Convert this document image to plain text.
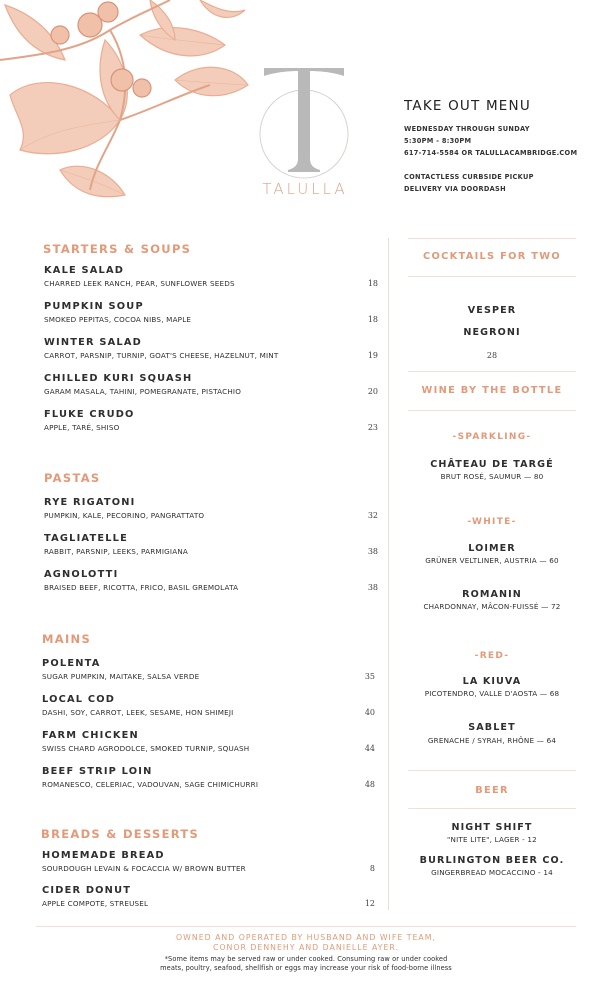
TALULLA
TAKE OUT MENU
WEDNESDAY THROUGH SUNDAY
5:30PM - 8:30PM
617-714-5584 OR TALULLACAMBRIDGE.COM
CONTACTLESS CURBSIDE PICKUP
DELIVERY VIA DOORDASH
STARTERS & SOUPS
KALE SALAD
CHARRED LEEK RANCH, PEAR, SUNFLOWER SEEDS	18
PUMPKIN SOUP
SMOKED PEPITAS, COCOA NIBS, MAPLE	18
WINTER SALAD
CARROT, PARSNIP, TURNIP, GOAT'S CHEESE, HAZELNUT, MINT	19
CHILLED KURI SQUASH
GARAM MASALA, TAHINI, POMEGRANATE, PISTACHIO	20
FLUKE CRUDO
APPLE, TARÉ, SHISO	23
PASTAS
RYE RIGATONI
PUMPKIN, KALE, PECORINO, PANGRATTATO	32
TAGLIATELLE
RABBIT, PARSNIP, LEEKS, PARMIGIANA	38
AGNOLOTTI
BRAISED BEEF, RICOTTA, FRICO, BASIL GREMOLATA	38
MAINS
POLENTA
SUGAR PUMPKIN, MAITAKE, SALSA VERDE	35
LOCAL COD
DASHI, SOY, CARROT, LEEK, SESAME, HON SHIMEJI	40
FARM CHICKEN
SWISS CHARD AGRODOLCE, SMOKED TURNIP, SQUASH	44
BEEF STRIP LOIN
ROMANESCO, CELERIAC, VADOUVAN, SAGE CHIMICHURRI	48
BREADS & DESSERTS
HOMEMADE BREAD
SOURDOUGH LEVAIN & FOCACCIA W/ BROWN BUTTER	8
CIDER DONUT
APPLE COMPOTE, STREUSEL	12
COCKTAILS FOR TWO
VESPER
NEGRONI
28
WINE BY THE BOTTLE
-SPARKLING-
CHÂTEAU DE TARGÉ
BRUT ROSÉ, SAUMUR — 80
-WHITE-
LOIMER
GRÜNER VELTLINER, AUSTRIA — 60
ROMANIN
CHARDONNAY, MÂCON-FUISSÉ — 72
-RED-
LA KIUVA
PICOTENDRO, VALLE D'AOSTA — 68
SABLET
GRENACHE / SYRAH, RHÔNE — 64
BEER
NIGHT SHIFT
"NITE LITE", LAGER - 12
BURLINGTON BEER CO.
GINGERBREAD MOCACCINO - 14
OWNED AND OPERATED BY HUSBAND AND WIFE TEAM,
CONOR DENNEHY AND DANIELLE AYER.
*Some items may be served raw or under cooked. Consuming raw or under cooked
meats, poultry, seafood, shellfish or eggs may increase your risk of food-borne illness
